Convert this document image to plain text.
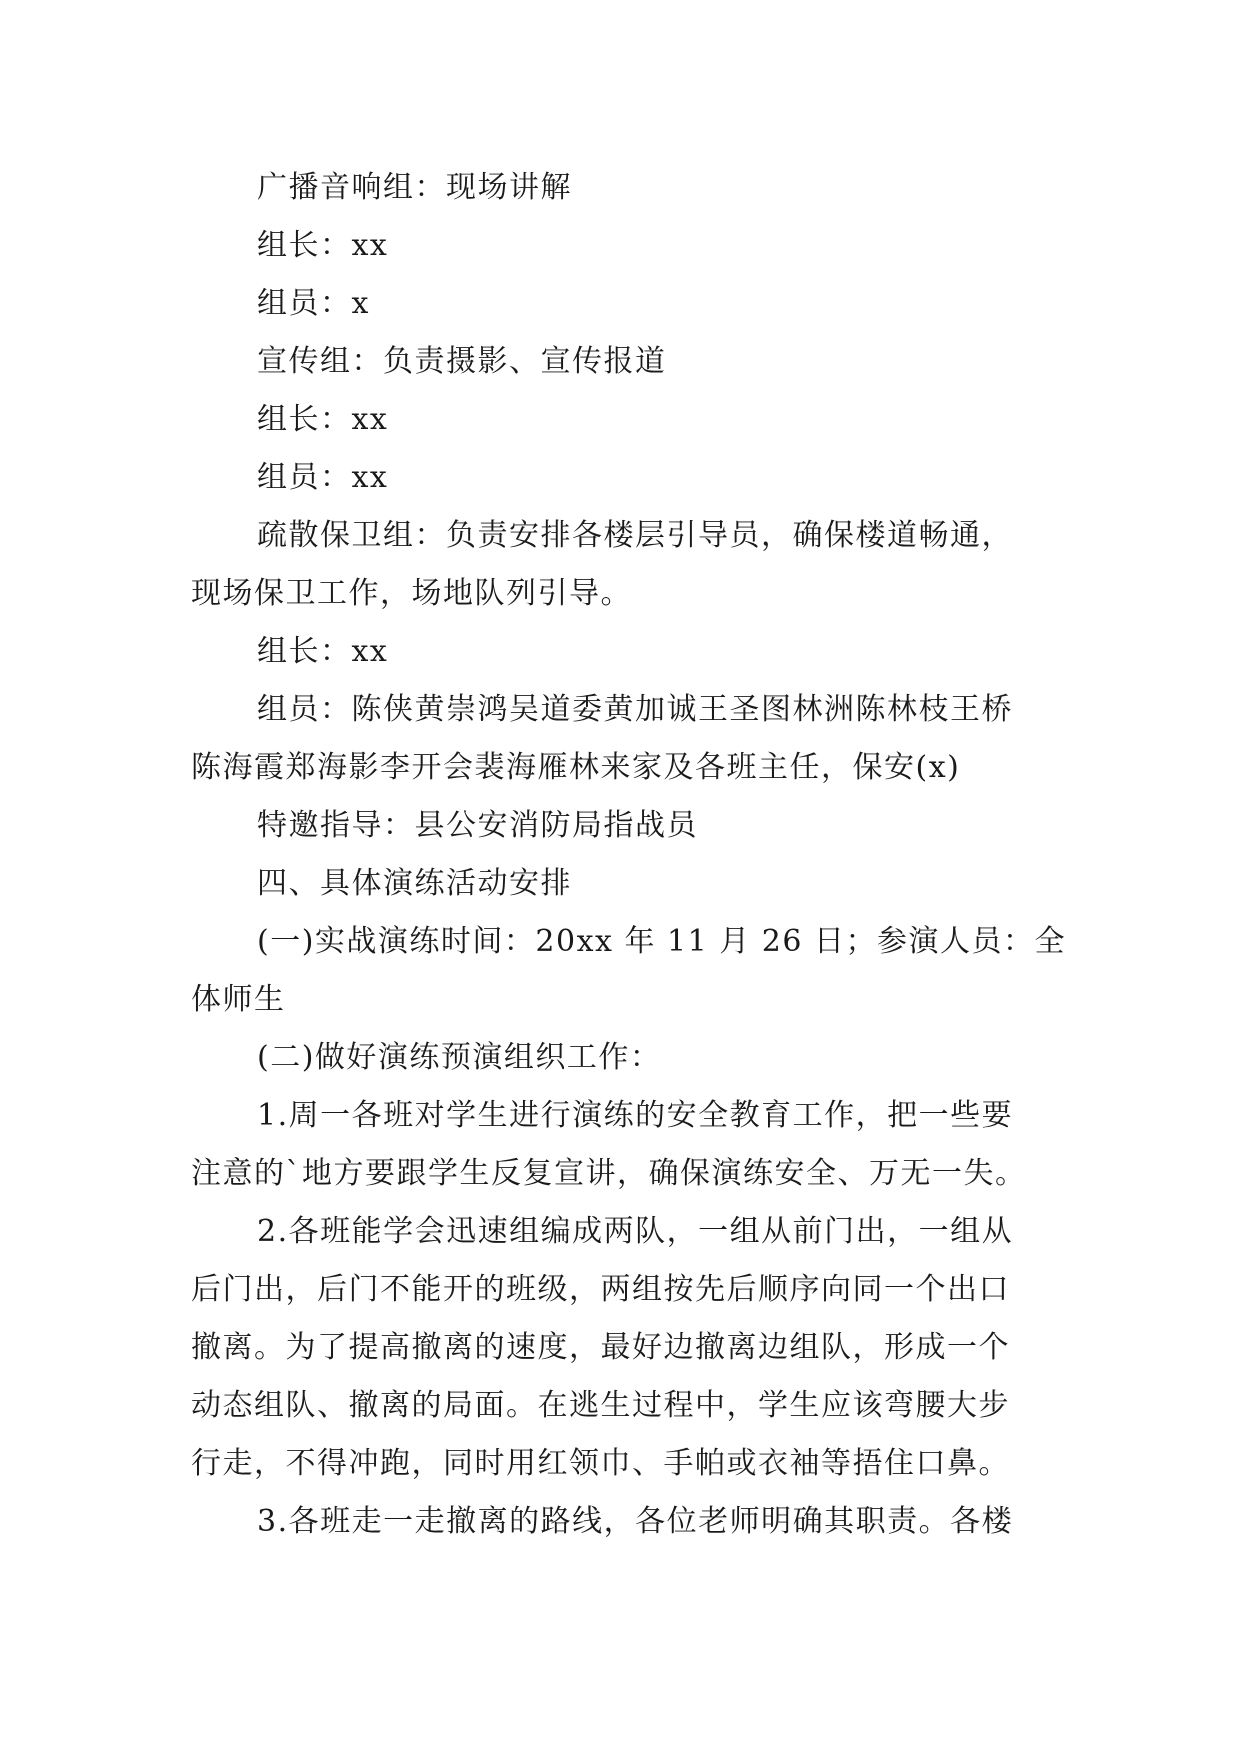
广播音响组：现场讲解

组长：xx

组员：x

宣传组：负责摄影、宣传报道

组长：xx

组员：xx

疏散保卫组：负责安排各楼层引导员，确保楼道畅通，

现场保卫工作，场地队列引导。

组长：xx

组员：陈侠黄崇鸿吴道委黄加诚王圣图林洲陈林枝王桥

陈海霞郑海影李开会裴海雁林来家及各班主任，保安(x)

特邀指导：县公安消防局指战员

四、具体演练活动安排

(一)实战演练时间：20xx 年 11 月 26 日；参演人员：全

体师生

(二)做好演练预演组织工作：

1.周一各班对学生进行演练的安全教育工作，把一些要

注意的`地方要跟学生反复宣讲，确保演练安全、万无一失。

2.各班能学会迅速组编成两队，一组从前门出，一组从

后门出，后门不能开的班级，两组按先后顺序向同一个出口

撤离。为了提高撤离的速度，最好边撤离边组队，形成一个

动态组队、撤离的局面。在逃生过程中，学生应该弯腰大步

行走，不得冲跑，同时用红领巾、手帕或衣袖等捂住口鼻。

3.各班走一走撤离的路线，各位老师明确其职责。各楼
